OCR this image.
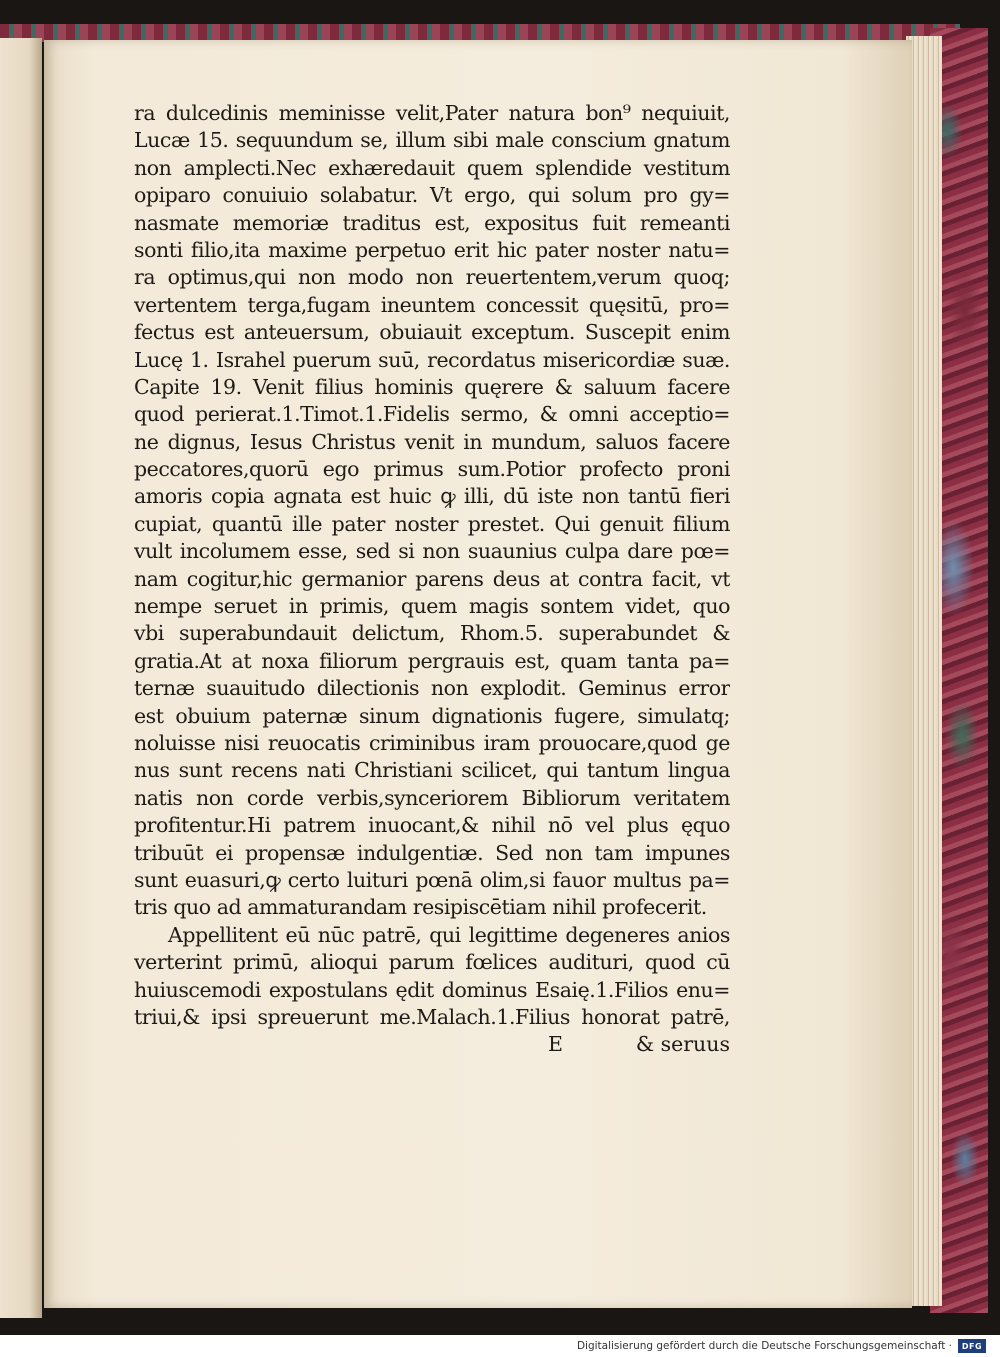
ra dulcedinis meminisse velit,Pater natura bon⁹ nequiuit,
Lucæ 15. sequundum se, illum sibi male conscium gnatum
non amplecti.Nec exhæredauit quem splendide vestitum
opiparo conuiuio solabatur. Vt ergo, qui solum pro gy=
nasmate memoriæ traditus est, expositus fuit remeanti
sonti filio,ita maxime perpetuo erit hic pater noster natu=
ra optimus,qui non modo non reuertentem,verum quoq;
vertentem terga,fugam ineuntem concessit quęsitū, pro=
fectus est anteuersum, obuiauit exceptum. Suscepit enim
Lucę 1. Israhel puerum suū, recordatus misericordiæ suæ.
Capite 19. Venit filius hominis quęrere & saluum facere
quod perierat.1.Timot.1.Fidelis sermo, & omni acceptio=
ne dignus, Iesus Christus venit in mundum, saluos facere
peccatores,quorū ego primus sum.Potior profecto proni
amoris copia agnata est huic ꝙ illi, dū iste non tantū fieri
cupiat, quantū ille pater noster prestet. Qui genuit filium
vult incolumem esse, sed si non suaunius culpa dare pœ=
nam cogitur,hic germanior parens deus at contra facit, vt
nempe seruet in primis, quem magis sontem videt, quo
vbi superabundauit delictum, Rhom.5. superabundet &
gratia.At at noxa filiorum pergrauis est, quam tanta pa=
ternæ suauitudo dilectionis non explodit. Geminus error
est obuium paternæ sinum dignationis fugere, simulatq;
noluisse nisi reuocatis criminibus iram prouocare,quod ge
nus sunt recens nati Christiani scilicet, qui tantum lingua
natis non corde verbis,synceriorem Bibliorum veritatem
profitentur.Hi patrem inuocant,& nihil nō vel plus ęquo
tribuūt ei propensæ indulgentiæ. Sed non tam impunes
sunt euasuri,ꝙ certo luituri pœnā olim,si fauor multus pa=
tris quo ad ammaturandam resipiscētiam nihil profecerit.
Appellitent eū nūc patrē, qui legittime degeneres anios
verterint primū, alioqui parum fœlices audituri, quod cū
huiuscemodi expostulans ędit dominus Esaię.1.Filios enu=
triui,& ipsi spreuerunt me.Malach.1.Filius honorat patrē,
E	& seruus
Digitalisierung gefördert durch die Deutsche Forschungsgemeinschaft ·	DFG
